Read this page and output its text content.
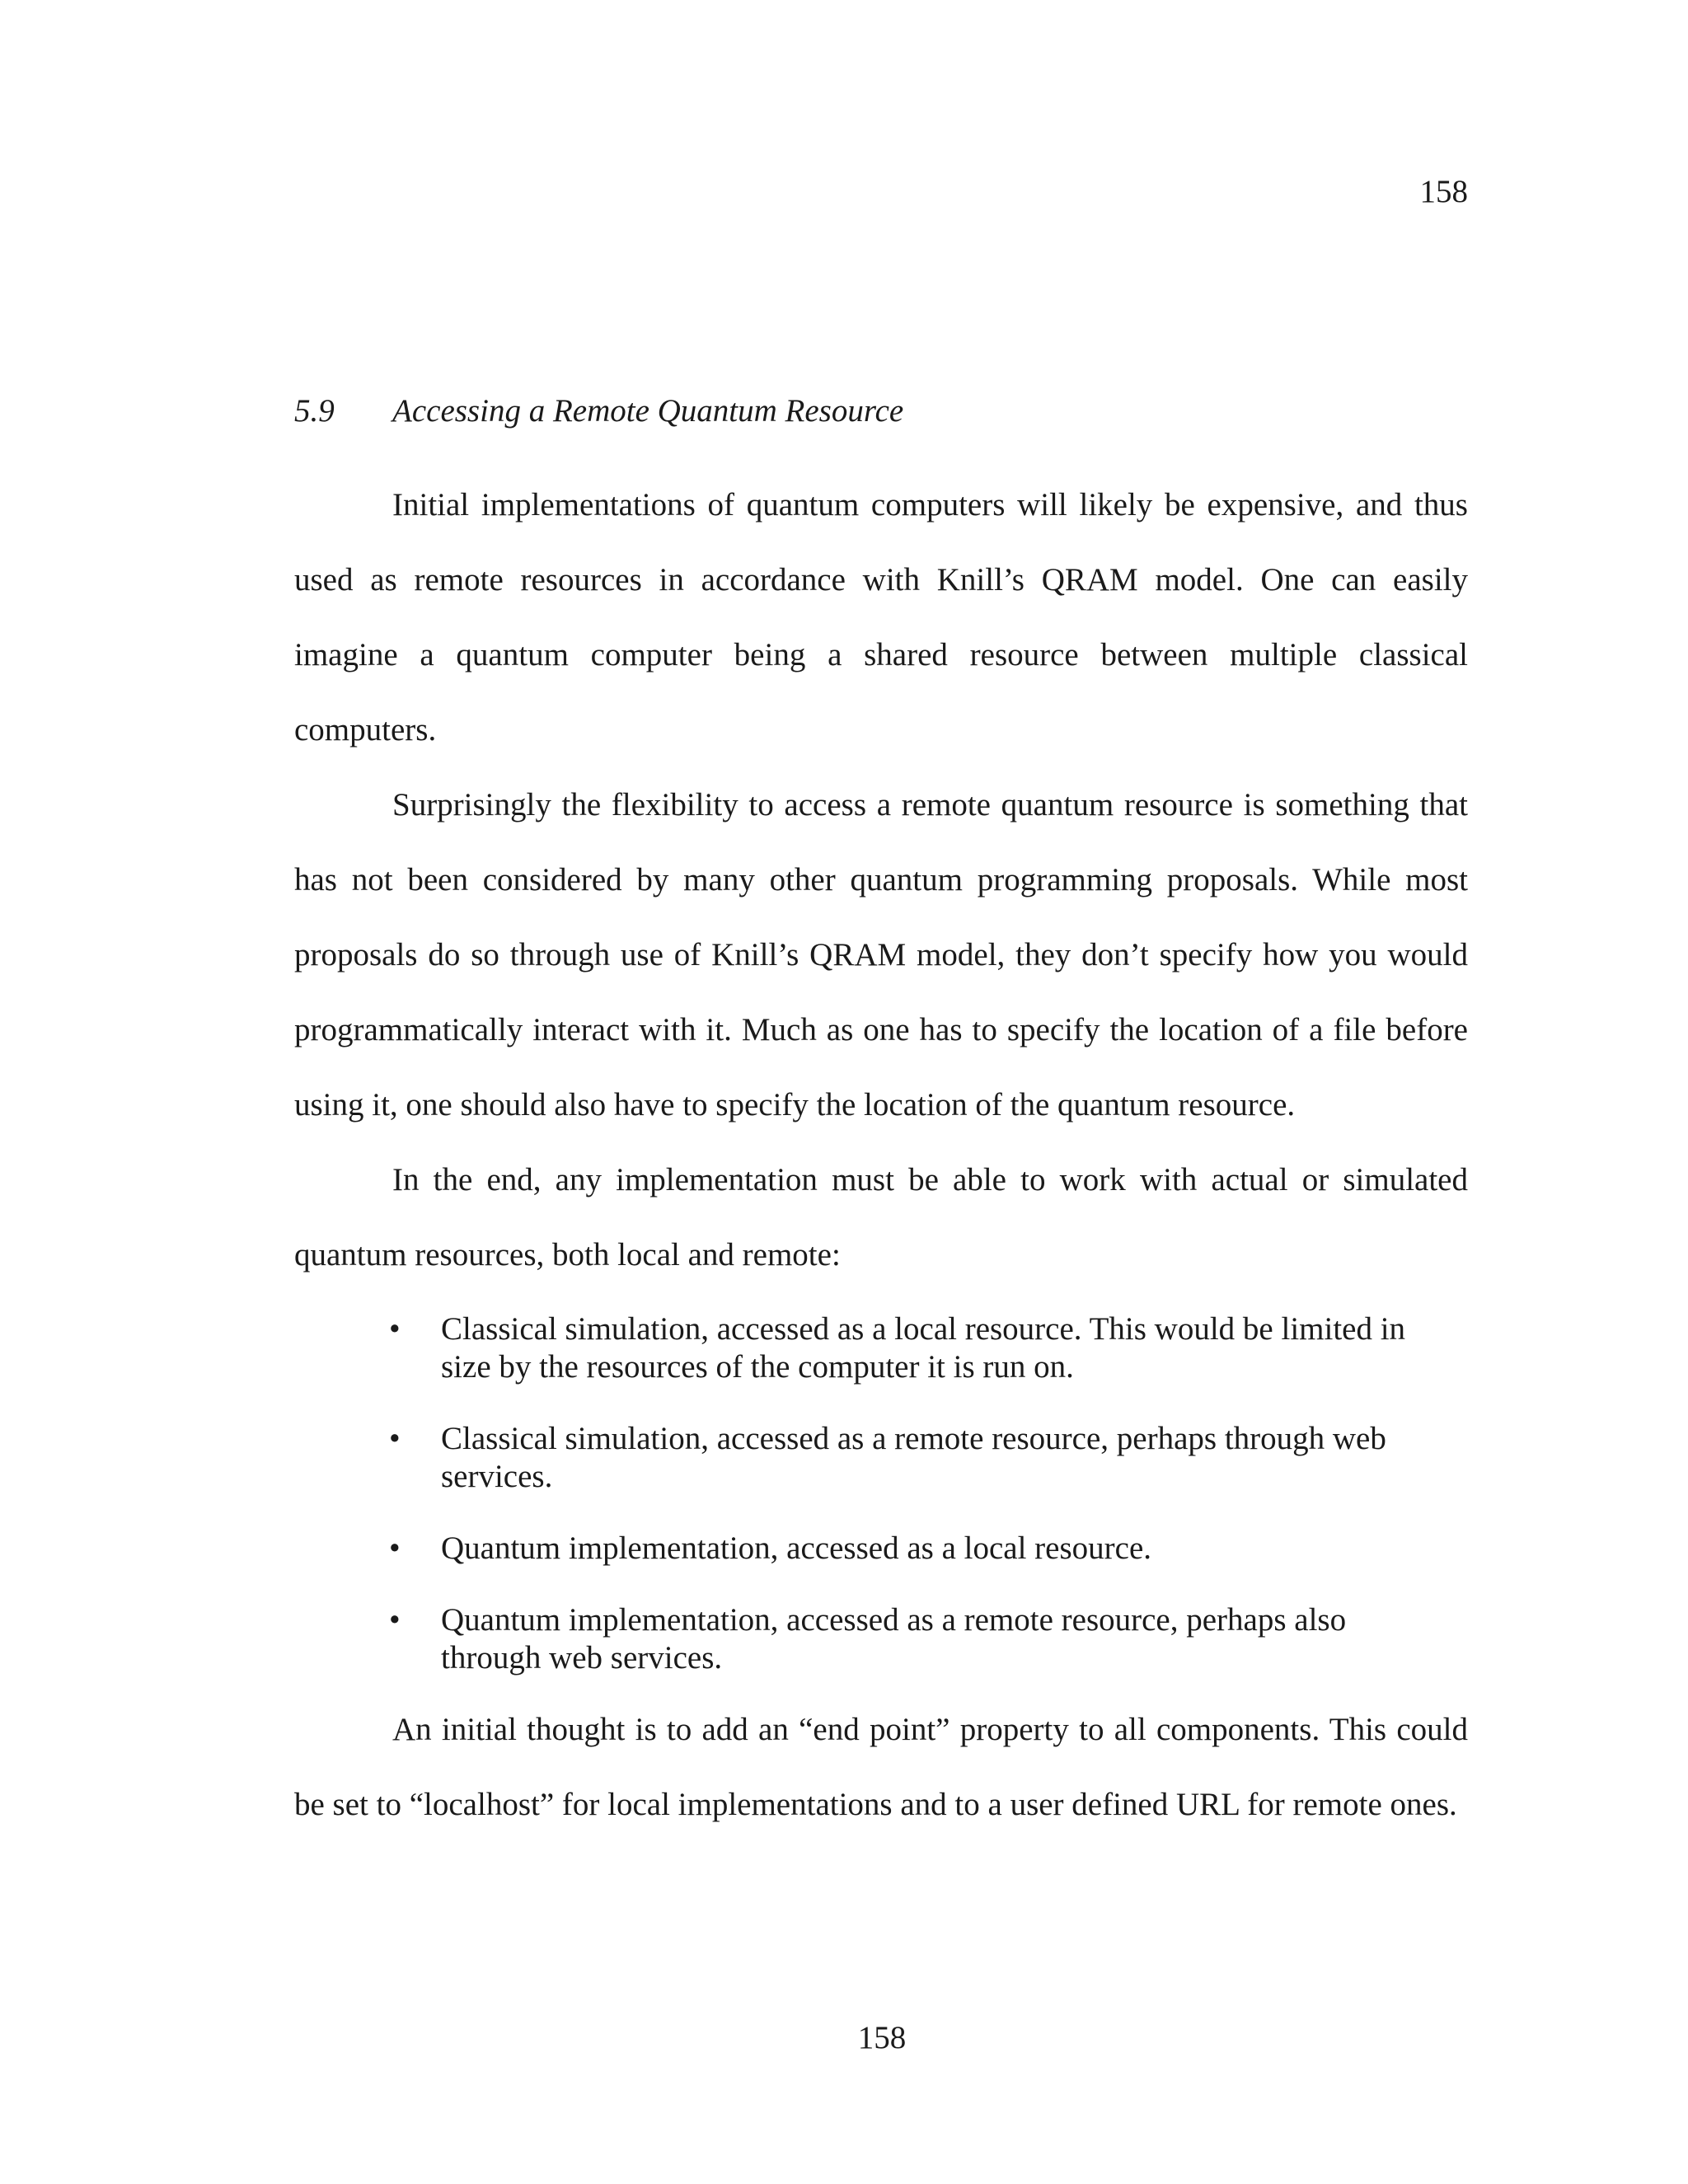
158
5.9 Accessing a Remote Quantum Resource

Initial implementations of quantum computers will likely be expensive, and thus used as remote resources in accordance with Knill’s QRAM model. One can easily imagine a quantum computer being a shared resource between multiple classical computers.

Surprisingly the flexibility to access a remote quantum resource is something that has not been considered by many other quantum programming proposals. While most proposals do so through use of Knill’s QRAM model, they don’t specify how you would programmatically interact with it. Much as one has to specify the location of a file before using it, one should also have to specify the location of the quantum resource.

In the end, any implementation must be able to work with actual or simulated quantum resources, both local and remote:

• Classical simulation, accessed as a local resource. This would be limited in size by the resources of the computer it is run on.
• Classical simulation, accessed as a remote resource, perhaps through web services.
• Quantum implementation, accessed as a local resource.
• Quantum implementation, accessed as a remote resource, perhaps also through web services.

An initial thought is to add an “end point” property to all components. This could be set to “localhost” for local implementations and to a user defined URL for remote ones.

158
